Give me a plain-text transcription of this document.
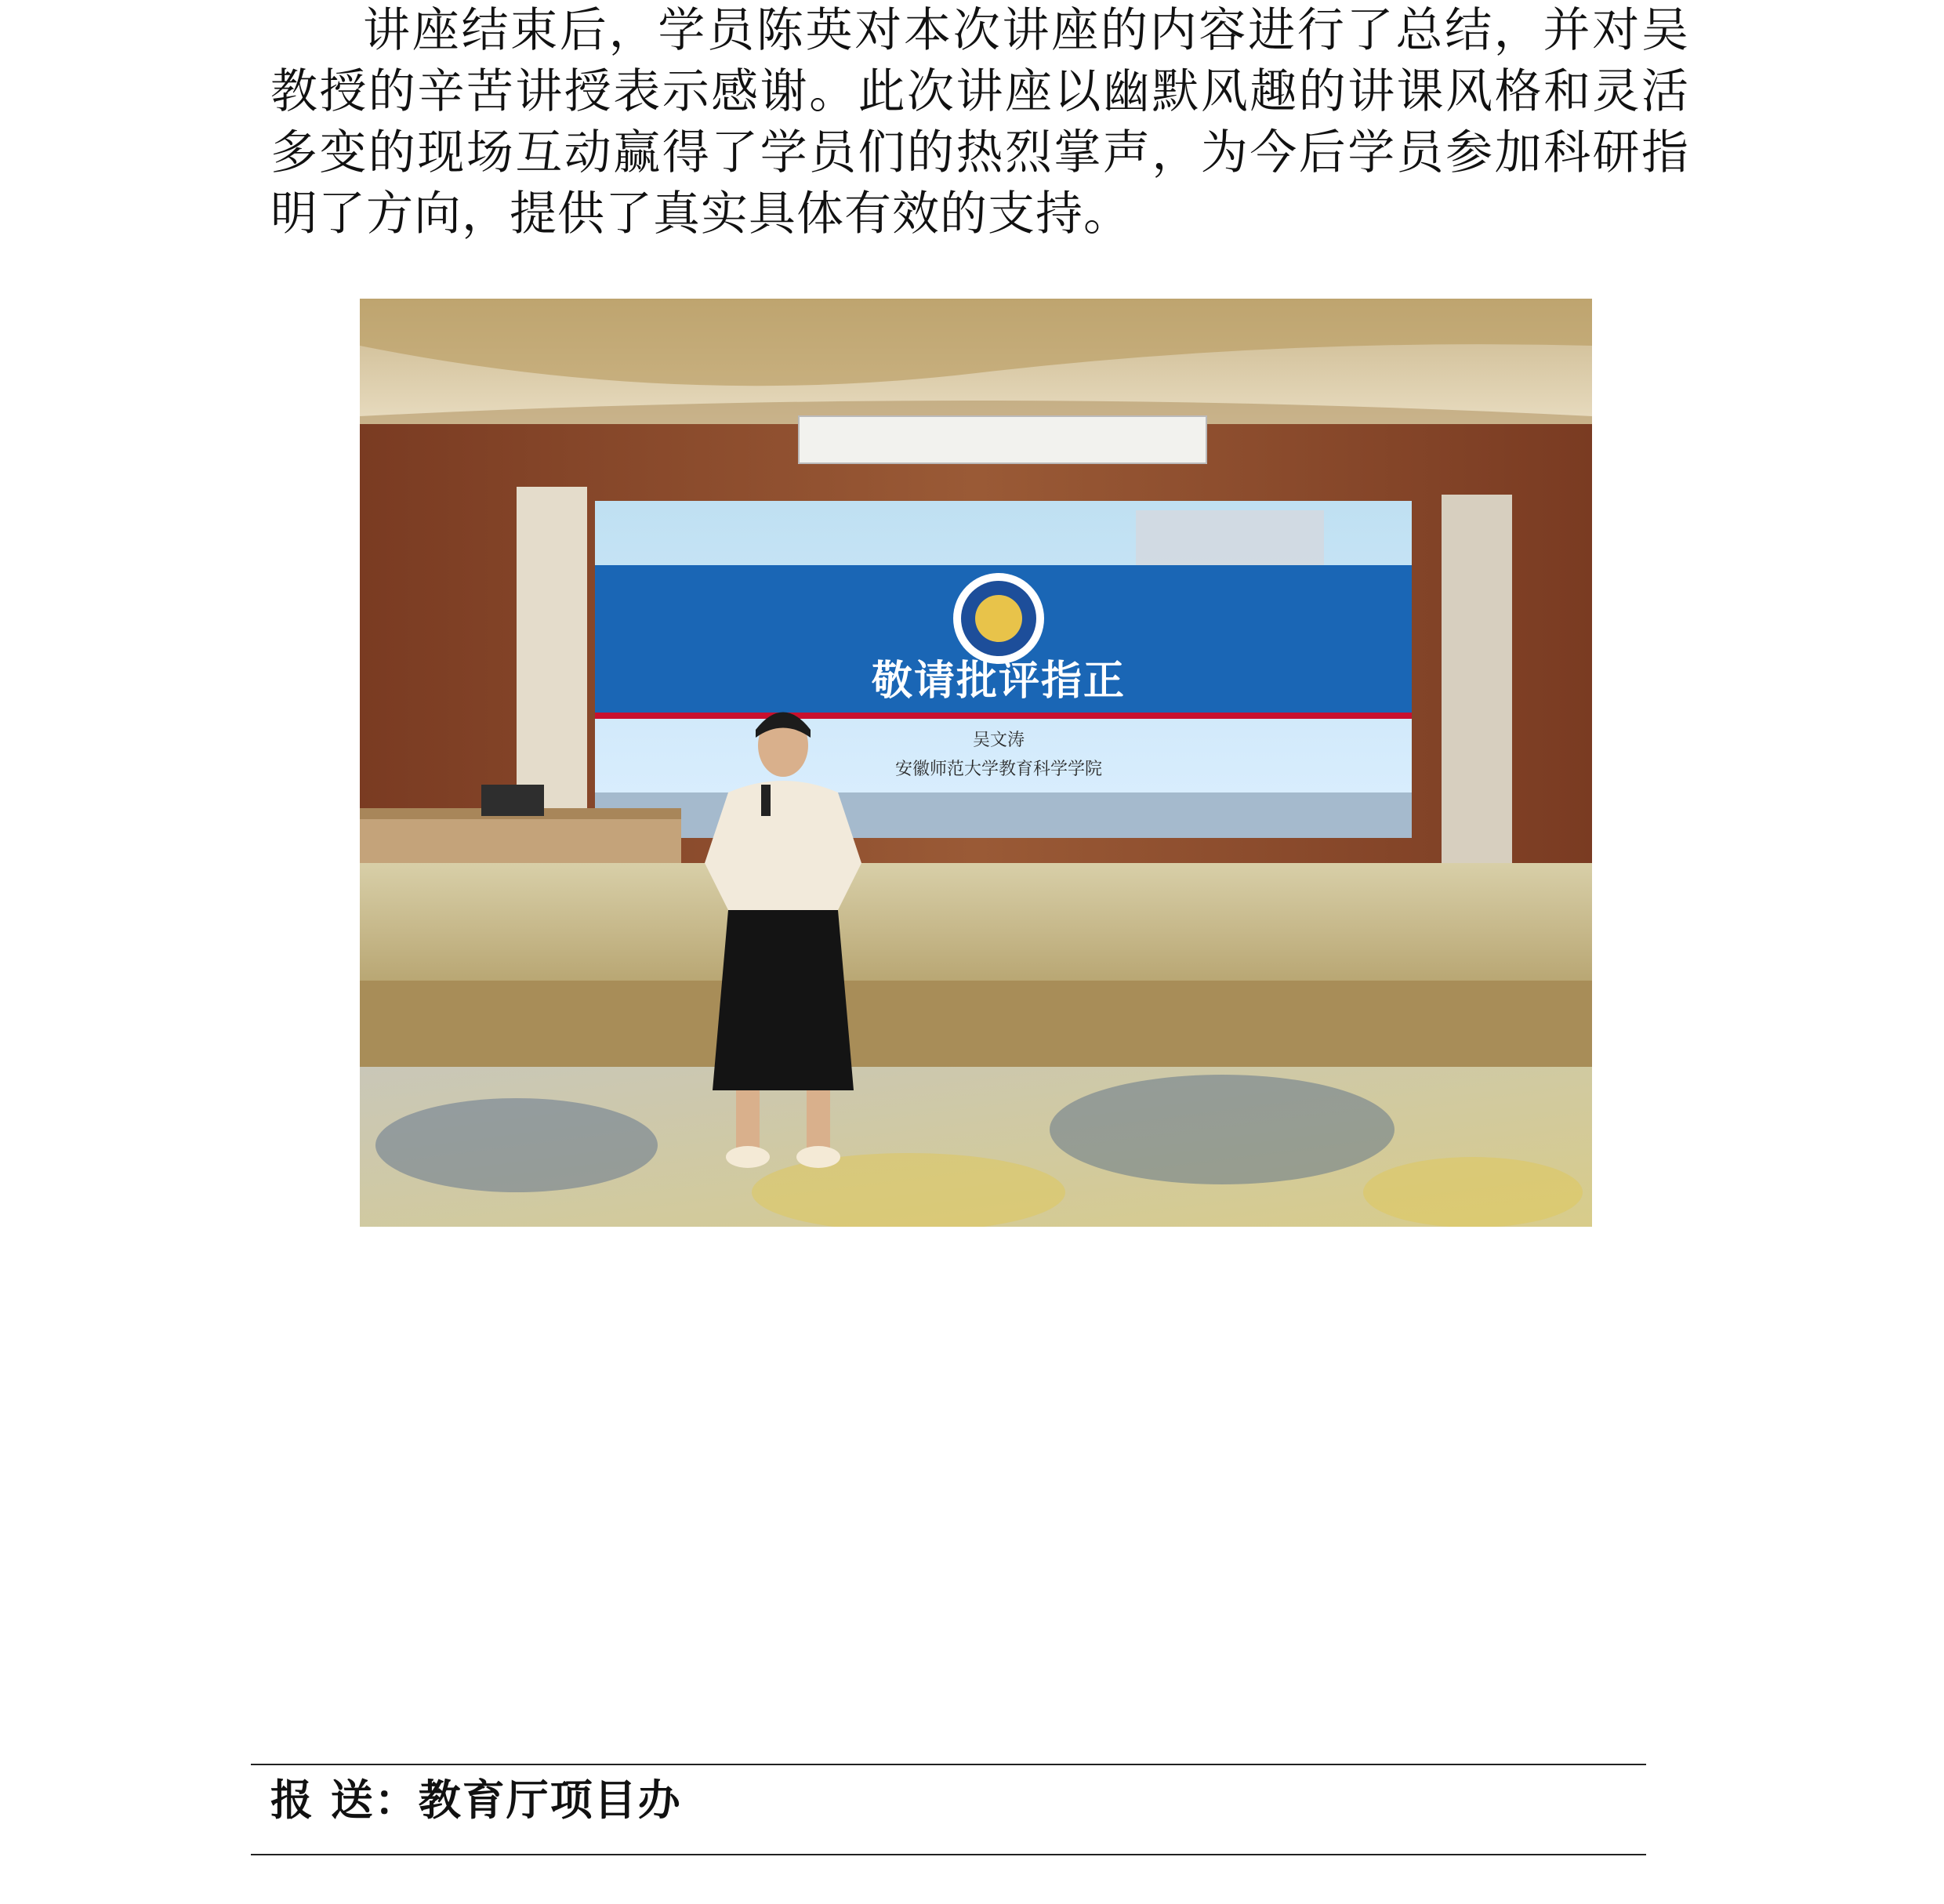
讲座结束后，学员陈英对本次讲座的内容进行了总结，并对吴教授的辛苦讲授表示感谢。此次讲座以幽默风趣的讲课风格和灵活多变的现场互动赢得了学员们的热烈掌声，为今后学员参加科研指明了方向，提供了真实具体有效的支持。
敬请批评指正
吴文涛
安徽师范大学教育科学学院
报 送：教育厅项目办
